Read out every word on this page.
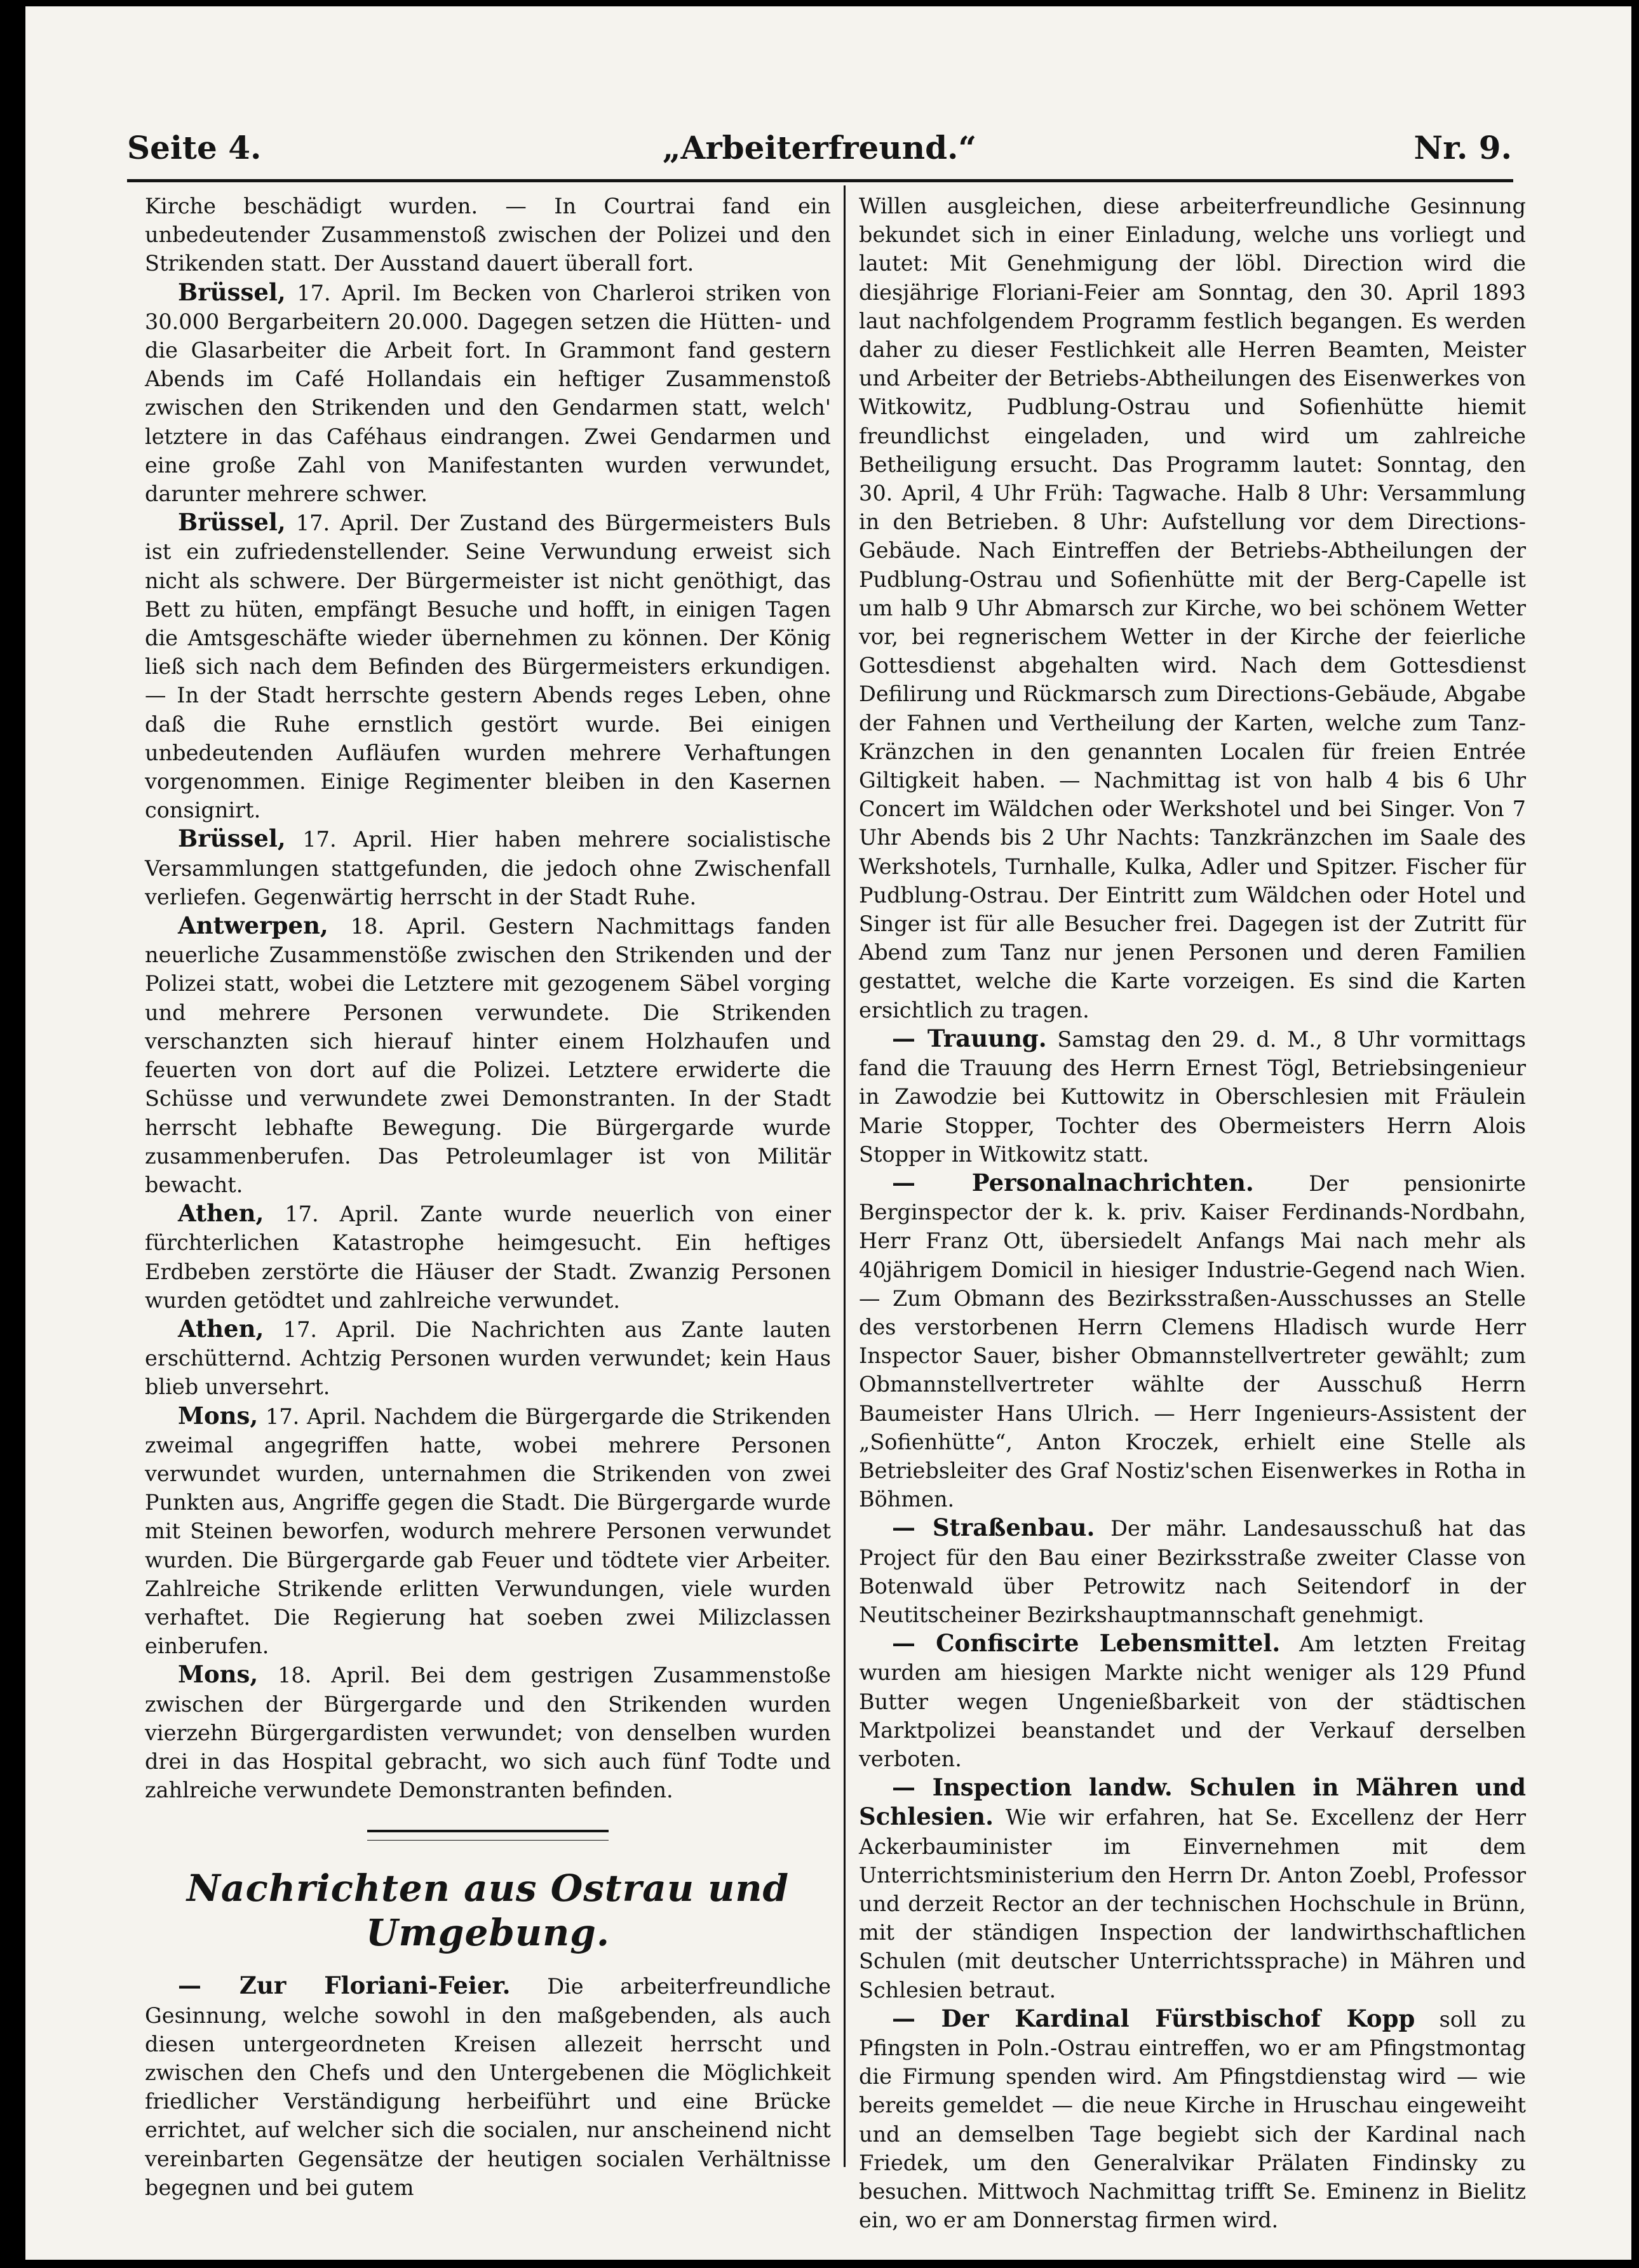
Seite 4.	„Arbeiterfreund.“	Nr. 9.

Kirche beschädigt wurden. — In Courtrai fand ein unbedeutender Zusammenstoß zwischen der Polizei und den Strikenden statt. Der Ausstand dauert überall fort.

Brüssel, 17. April. Im Becken von Charleroi striken von 30.000 Bergarbeitern 20.000. Dagegen setzen die Hütten- und die Glasarbeiter die Arbeit fort. In Grammont fand gestern Abends im Café Hollandais ein heftiger Zusammenstoß zwischen den Strikenden und den Gendarmen statt, welch' letztere in das Caféhaus eindrangen. Zwei Gendarmen und eine große Zahl von Manifestanten wurden verwundet, darunter mehrere schwer.

Brüssel, 17. April. Der Zustand des Bürgermeisters Buls ist ein zufriedenstellender. Seine Verwundung erweist sich nicht als schwere. Der Bürgermeister ist nicht genöthigt, das Bett zu hüten, empfängt Besuche und hofft, in einigen Tagen die Amtsgeschäfte wieder übernehmen zu können. Der König ließ sich nach dem Befinden des Bürgermeisters erkundigen. — In der Stadt herrschte gestern Abends reges Leben, ohne daß die Ruhe ernstlich gestört wurde. Bei einigen unbedeutenden Aufläufen wurden mehrere Verhaftungen vorgenommen. Einige Regimenter bleiben in den Kasernen consignirt.

Brüssel, 17. April. Hier haben mehrere socialistische Versammlungen stattgefunden, die jedoch ohne Zwischenfall verliefen. Gegenwärtig herrscht in der Stadt Ruhe.

Antwerpen, 18. April. Gestern Nachmittags fanden neuerliche Zusammenstöße zwischen den Strikenden und der Polizei statt, wobei die Letztere mit gezogenem Säbel vorging und mehrere Personen verwundete. Die Strikenden verschanzten sich hierauf hinter einem Holzhaufen und feuerten von dort auf die Polizei. Letztere erwiderte die Schüsse und verwundete zwei Demonstranten. In der Stadt herrscht lebhafte Bewegung. Die Bürgergarde wurde zusammenberufen. Das Petroleumlager ist von Militär bewacht.

Athen, 17. April. Zante wurde neuerlich von einer fürchterlichen Katastrophe heimgesucht. Ein heftiges Erdbeben zerstörte die Häuser der Stadt. Zwanzig Personen wurden getödtet und zahlreiche verwundet.

Athen, 17. April. Die Nachrichten aus Zante lauten erschütternd. Achtzig Personen wurden verwundet; kein Haus blieb unversehrt.

Mons, 17. April. Nachdem die Bürgergarde die Strikenden zweimal angegriffen hatte, wobei mehrere Personen verwundet wurden, unternahmen die Strikenden von zwei Punkten aus, Angriffe gegen die Stadt. Die Bürgergarde wurde mit Steinen beworfen, wodurch mehrere Personen verwundet wurden. Die Bürgergarde gab Feuer und tödtete vier Arbeiter. Zahlreiche Strikende erlitten Verwundungen, viele wurden verhaftet. Die Regierung hat soeben zwei Milizclassen einberufen.

Mons, 18. April. Bei dem gestrigen Zusammenstoße zwischen der Bürgergarde und den Strikenden wurden vierzehn Bürgergardisten verwundet; von denselben wurden drei in das Hospital gebracht, wo sich auch fünf Todte und zahlreiche verwundete Demonstranten befinden.

Nachrichten aus Ostrau und Umgebung.

— Zur Floriani-Feier. Die arbeiterfreundliche Gesinnung, welche sowohl in den maßgebenden, als auch diesen untergeordneten Kreisen allezeit herrscht und zwischen den Chefs und den Untergebenen die Möglichkeit friedlicher Verständigung herbeiführt und eine Brücke errichtet, auf welcher sich die socialen, nur anscheinend nicht vereinbarten Gegensätze der heutigen socialen Verhältnisse begegnen und bei gutem

Willen ausgleichen, diese arbeiterfreundliche Gesinnung bekundet sich in einer Einladung, welche uns vorliegt und lautet: Mit Genehmigung der löbl. Direction wird die diesjährige Floriani-Feier am Sonntag, den 30. April 1893 laut nachfolgendem Programm festlich begangen. Es werden daher zu dieser Festlichkeit alle Herren Beamten, Meister und Arbeiter der Betriebs-Abtheilungen des Eisenwerkes von Witkowitz, Pudblung-Ostrau und Sofienhütte hiemit freundlichst eingeladen, und wird um zahlreiche Betheiligung ersucht. Das Programm lautet: Sonntag, den 30. April, 4 Uhr Früh: Tagwache. Halb 8 Uhr: Versammlung in den Betrieben. 8 Uhr: Aufstellung vor dem Directions-Gebäude. Nach Eintreffen der Betriebs-Abtheilungen der Pudblung-Ostrau und Sofienhütte mit der Berg-Capelle ist um halb 9 Uhr Abmarsch zur Kirche, wo bei schönem Wetter vor, bei regnerischem Wetter in der Kirche der feierliche Gottesdienst abgehalten wird. Nach dem Gottesdienst Defilirung und Rückmarsch zum Directions-Gebäude, Abgabe der Fahnen und Vertheilung der Karten, welche zum Tanz-Kränzchen in den genannten Localen für freien Entrée Giltigkeit haben. — Nachmittag ist von halb 4 bis 6 Uhr Concert im Wäldchen oder Werkshotel und bei Singer. Von 7 Uhr Abends bis 2 Uhr Nachts: Tanzkränzchen im Saale des Werkshotels, Turnhalle, Kulka, Adler und Spitzer. Fischer für Pudblung-Ostrau. Der Eintritt zum Wäldchen oder Hotel und Singer ist für alle Besucher frei. Dagegen ist der Zutritt für Abend zum Tanz nur jenen Personen und deren Familien gestattet, welche die Karte vorzeigen. Es sind die Karten ersichtlich zu tragen.

— Trauung. Samstag den 29. d. M., 8 Uhr vormittags fand die Trauung des Herrn Ernest Tögl, Betriebsingenieur in Zawodzie bei Kuttowitz in Oberschlesien mit Fräulein Marie Stopper, Tochter des Obermeisters Herrn Alois Stopper in Witkowitz statt.

— Personalnachrichten.	Der pensionirte Berginspector der k. k. priv. Kaiser Ferdinands-Nordbahn, Herr Franz Ott, übersiedelt Anfangs Mai nach mehr als 40jährigem Domicil in hiesiger Industrie-Gegend nach Wien. — Zum Obmann des Bezirksstraßen-Ausschusses an Stelle des verstorbenen Herrn Clemens Hladisch wurde Herr Inspector Sauer, bisher Obmannstellvertreter gewählt; zum Obmannstellvertreter wählte der Ausschuß Herrn Baumeister Hans Ulrich. — Herr Ingenieurs-Assistent der „Sofienhütte“, Anton Kroczek, erhielt eine Stelle als Betriebsleiter des Graf Nostiz'schen Eisenwerkes in Rotha in Böhmen.

— Straßenbau. Der mähr. Landesausschuß hat das Project für den Bau einer Bezirksstraße zweiter Classe von Botenwald über Petrowitz nach Seitendorf in der Neutitscheiner Bezirkshauptmannschaft genehmigt.

— Confiscirte Lebensmittel. Am letzten Freitag wurden am hiesigen Markte nicht weniger als 129 Pfund Butter wegen Ungenießbarkeit von der städtischen Marktpolizei beanstandet und der Verkauf derselben verboten.

— Inspection landw. Schulen in Mähren und Schlesien. Wie wir erfahren, hat Se. Excellenz der Herr Ackerbauminister im Einvernehmen mit dem Unterrichtsministerium den Herrn Dr. Anton Zoebl, Professor und derzeit Rector an der technischen Hochschule in Brünn, mit der ständigen Inspection der landwirthschaftlichen Schulen (mit deutscher Unterrichtssprache) in Mähren und Schlesien betraut.

— Der Kardinal Fürstbischof Kopp soll zu Pfingsten in Poln.-Ostrau eintreffen, wo er am Pfingstmontag die Firmung spenden wird. Am Pfingstdienstag wird — wie bereits gemeldet — die neue Kirche in Hruschau eingeweiht und an demselben Tage begiebt sich der Kardinal nach Friedek, um den Generalvikar Prälaten Findinsky zu besuchen. Mittwoch Nachmittag trifft Se. Eminenz in Bielitz ein, wo er am Donnerstag firmen wird.
